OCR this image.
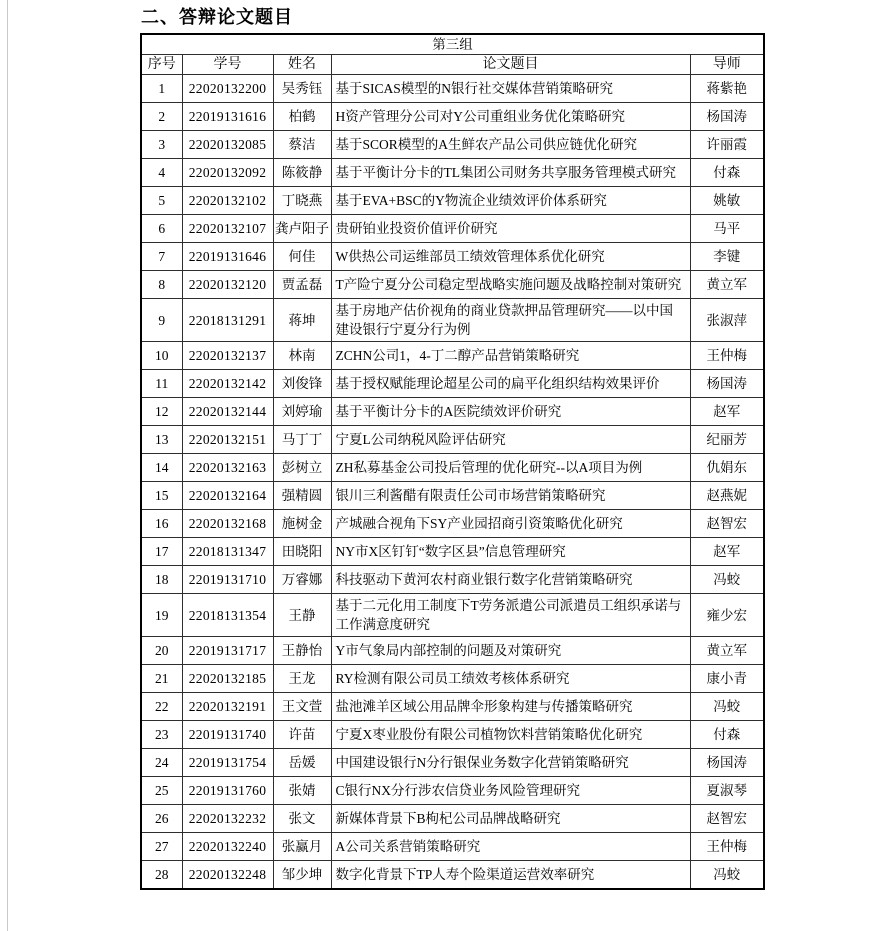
二、答辩论文题目
第三组				
序号	学号	姓名	论文题目	导师
1	22020132200	吴秀钰	基于SICAS模型的N银行社交媒体营销策略研究	蒋紫艳
2	22019131616	柏鹤	H资产管理分公司对Y公司重组业务优化策略研究	杨国涛
3	22020132085	蔡洁	基于SCOR模型的A生鲜农产品公司供应链优化研究	许丽霞
4	22020132092	陈筱静	基于平衡计分卡的TL集团公司财务共享服务管理模式研究	付森
5	22020132102	丁晓燕	基于EVA+BSC的Y物流企业绩效评价体系研究	姚敏
6	22020132107	龚卢阳子	贵研铂业投资价值评价研究	马平
7	22019131646	何佳	W供热公司运维部员工绩效管理体系优化研究	李键
8	22020132120	贾孟磊	T产险宁夏分公司稳定型战略实施问题及战略控制对策研究	黄立军
9	22018131291	蒋坤	基于房地产估价视角的商业贷款押品管理研究——以中国建设银行宁夏分行为例	张淑萍
10	22020132137	林南	ZCHN公司1，4-丁二醇产品营销策略研究	王仲梅
11	22020132142	刘俊锋	基于授权赋能理论超星公司的扁平化组织结构效果评价	杨国涛
12	22020132144	刘婷瑜	基于平衡计分卡的A医院绩效评价研究	赵军
13	22020132151	马丁丁	宁夏L公司纳税风险评估研究	纪丽芳
14	22020132163	彭树立	ZH私募基金公司投后管理的优化研究--以A项目为例	仇娟东
15	22020132164	强精圆	银川三利酱醋有限责任公司市场营销策略研究	赵燕妮
16	22020132168	施树金	产城融合视角下SY产业园招商引资策略优化研究	赵智宏
17	22018131347	田晓阳	NY市X区钉钉“数字区县”信息管理研究	赵军
18	22019131710	万睿娜	科技驱动下黄河农村商业银行数字化营销策略研究	冯蛟
19	22018131354	王静	基于二元化用工制度下T劳务派遣公司派遣员工组织承诺与工作满意度研究	雍少宏
20	22019131717	王静怡	Y市气象局内部控制的问题及对策研究	黄立军
21	22020132185	王龙	RY检测有限公司员工绩效考核体系研究	康小青
22	22020132191	王文萱	盐池滩羊区域公用品牌伞形象构建与传播策略研究	冯蛟
23	22019131740	许苗	宁夏X枣业股份有限公司植物饮料营销策略优化研究	付森
24	22019131754	岳媛	中国建设银行N分行银保业务数字化营销策略研究	杨国涛
25	22019131760	张婧	C银行NX分行涉农信贷业务风险管理研究	夏淑琴
26	22020132232	张文	新媒体背景下B枸杞公司品牌战略研究	赵智宏
27	22020132240	张赢月	A公司关系营销策略研究	王仲梅
28	22020132248	邹少坤	数字化背景下TP人寿个险渠道运营效率研究	冯蛟
